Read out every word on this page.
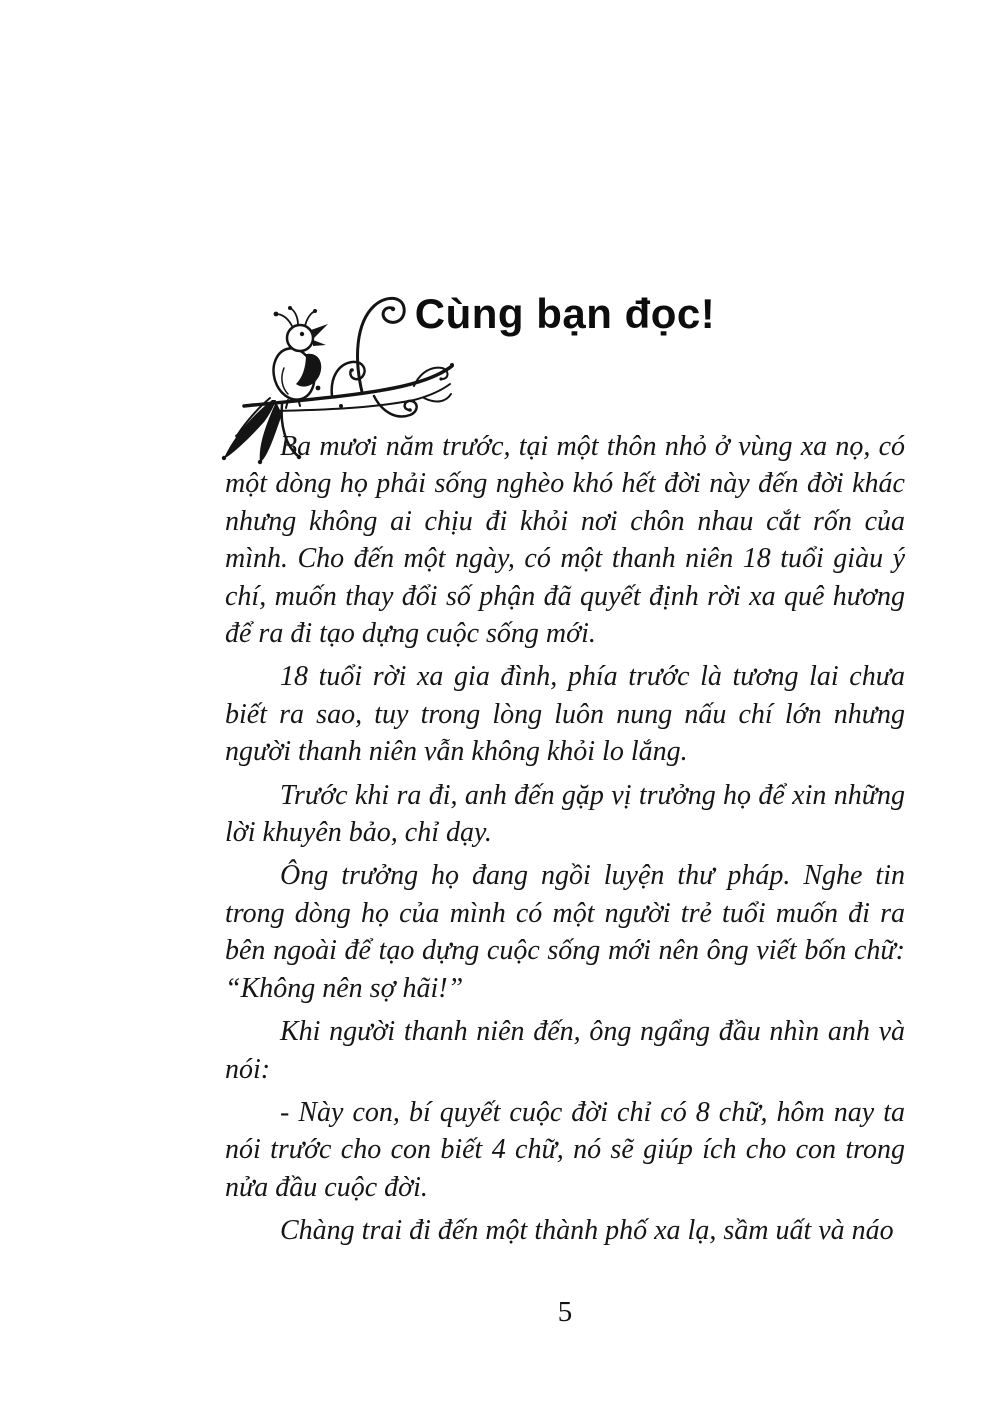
Cùng bạn đọc!

Ba mươi năm trước, tại một thôn nhỏ ở vùng xa nọ, có một dòng họ phải sống nghèo khó hết đời này đến đời khác nhưng không ai chịu đi khỏi nơi chôn nhau cắt rốn của mình. Cho đến một ngày, có một thanh niên 18 tuổi giàu ý chí, muốn thay đổi số phận đã quyết định rời xa quê hương để ra đi tạo dựng cuộc sống mới.

18 tuổi rời xa gia đình, phía trước là tương lai chưa biết ra sao, tuy trong lòng luôn nung nấu chí lớn nhưng người thanh niên vẫn không khỏi lo lắng.

Trước khi ra đi, anh đến gặp vị trưởng họ để xin những lời khuyên bảo, chỉ dạy.

Ông trưởng họ đang ngồi luyện thư pháp. Nghe tin trong dòng họ của mình có một người trẻ tuổi muốn đi ra bên ngoài để tạo dựng cuộc sống mới nên ông viết bốn chữ: “Không nên sợ hãi!”

Khi người thanh niên đến, ông ngẩng đầu nhìn anh và nói:

- Này con, bí quyết cuộc đời chỉ có 8 chữ, hôm nay ta nói trước cho con biết 4 chữ, nó sẽ giúp ích cho con trong nửa đầu cuộc đời.

Chàng trai đi đến một thành phố xa lạ, sầm uất và náo

5
